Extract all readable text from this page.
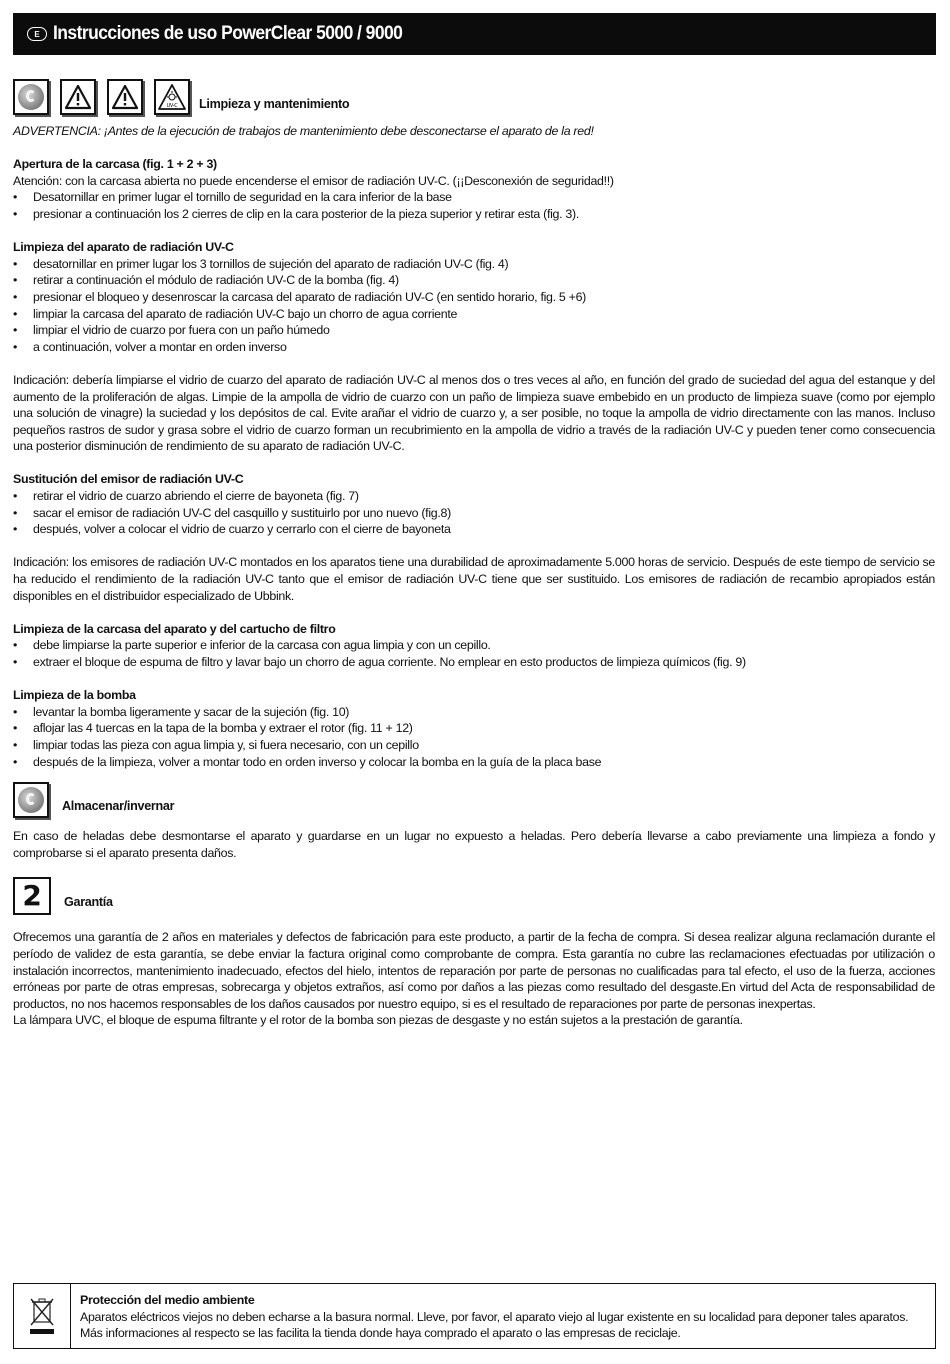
E Instrucciones de uso PowerClear 5000 / 9000
UV-C Limpieza y mantenimiento

ADVERTENCIA: ¡Antes de la ejecución de trabajos de mantenimiento debe desconectarse el aparato de la red!

Apertura de la carcasa (fig. 1 + 2 + 3)

Atención: con la carcasa abierta no puede encenderse el emisor de radiación UV-C. (¡¡Desconexión de seguridad!!)

•	Desatornillar en primer lugar el tornillo de seguridad en la cara inferior de la base
•	presionar a continuación los 2 cierres de clip en la cara posterior de la pieza superior y retirar esta (fig. 3).

Limpieza del aparato de radiación UV-C

•	desatornillar en primer lugar los 3 tornillos de sujeción del aparato de radiación UV-C (fig. 4)
•	retirar a continuación el módulo de radiación UV-C de la bomba (fig. 4)
•	presionar el bloqueo y desenroscar la carcasa del aparato de radiación UV-C (en sentido horario, fig. 5 +6)
•	limpiar la carcasa del aparato de radiación UV-C bajo un chorro de agua corriente
•	limpiar el vidrio de cuarzo por fuera con un paño húmedo
•	a continuación, volver a montar en orden inverso

Indicación: debería limpiarse el vidrio de cuarzo del aparato de radiación UV-C al menos dos o tres veces al año, en función del grado de suciedad del agua del estanque y del aumento de la proliferación de algas. Limpie de la ampolla de vidrio de cuarzo con un paño de limpieza suave embebido en un producto de limpieza suave (como por ejemplo una solución de vinagre) la suciedad y los depósitos de cal. Evite arañar el vidrio de cuarzo y, a ser posible, no toque la ampolla de vidrio directamente con las manos. Incluso pequeños rastros de sudor y grasa sobre el vidrio de cuarzo forman un recubrimiento en la ampolla de vidrio a través de la radiación UV-C y pueden tener como consecuencia una posterior disminución de rendimiento de su aparato de radiación UV-C.

Sustitución del emisor de radiación UV-C

•	retirar el vidrio de cuarzo abriendo el cierre de bayoneta (fig. 7)
•	sacar el emisor de radiación UV-C del casquillo y sustituirlo por uno nuevo (fig.8)
•	después, volver a colocar el vidrio de cuarzo y cerrarlo con el cierre de bayoneta

Indicación: los emisores de radiación UV-C montados en los aparatos tiene una durabilidad de aproximadamente 5.000 horas de servicio. Después de este tiempo de servicio se ha reducido el rendimiento de la radiación UV-C tanto que el emisor de radiación UV-C tiene que ser sustituido. Los emisores de radiación de recambio apropiados están disponibles en el distribuidor especializado de Ubbink.

Limpieza de la carcasa del aparato y del cartucho de filtro

•	debe limpiarse la parte superior e inferior de la carcasa con agua limpia y con un cepillo.
•	extraer el bloque de espuma de filtro y lavar bajo un chorro de agua corriente. No emplear en esto productos de limpieza químicos (fig. 9)

Limpieza de la bomba

•	levantar la bomba ligeramente y sacar de la sujeción (fig. 10)
•	aflojar las 4 tuercas en la tapa de la bomba y extraer el rotor (fig. 11 + 12)
•	limpiar todas las pieza con agua limpia y, si fuera necesario, con un cepillo
•	después de la limpieza, volver a montar todo en orden inverso y colocar la bomba en la guía de la placa base
Almacenar/invernar

En caso de heladas debe desmontarse el aparato y guardarse en un lugar no expuesto a heladas. Pero debería llevarse a cabo previamente una limpieza a fondo y comprobarse si el aparato presenta daños.

2	Garantía

Ofrecemos una garantía de 2 años en materiales y defectos de fabricación para este producto, a partir de la fecha de compra. Si desea realizar alguna reclamación durante el período de validez de esta garantía, se debe enviar la factura original como comprobante de compra. Esta garantía no cubre las reclamaciones efectuadas por utilización o instalación incorrectos, mantenimiento inadecuado, efectos del hielo, intentos de reparación por parte de personas no cualificadas para tal efecto, el uso de la fuerza, acciones erróneas por parte de otras empresas, sobrecarga y objetos extraños, así como por daños a las piezas como resultado del desgaste.En virtud del Acta de responsabilidad de productos, no nos hacemos responsables de los daños causados por nuestro equipo, si es el resultado de reparaciones por parte de personas inexpertas.

La lámpara UVC, el bloque de espuma filtrante y el rotor de la bomba son piezas de desgaste y no están sujetos a la prestación de garantía.

Protección del medio ambiente
Aparatos eléctricos viejos no deben echarse a la basura normal. Lleve, por favor, el aparato viejo al lugar existente en su localidad para deponer tales aparatos. Más informaciones al respecto se las facilita la tienda donde haya comprado el aparato o las empresas de reciclaje.
